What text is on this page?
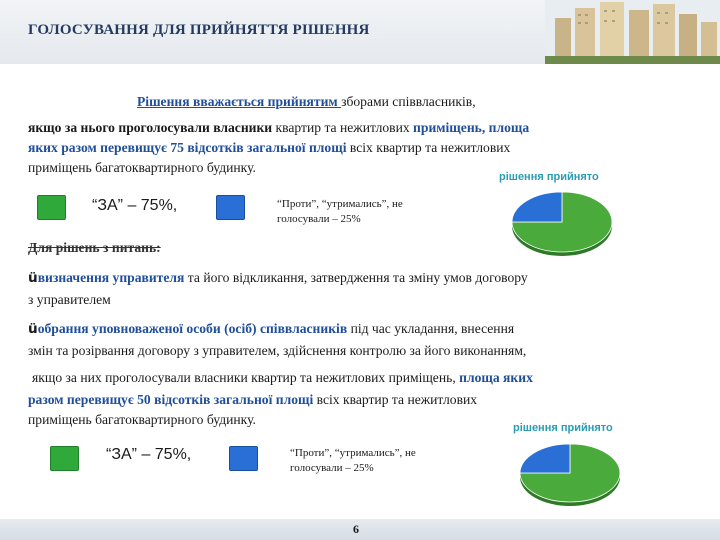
ГОЛОСУВАННЯ ДЛЯ ПРИЙНЯТТЯ РІШЕННЯ
Рішення вважається прийнятим зборами співвласників,
якщо за нього проголосували власники квартир та нежитлових приміщень, площа
яких разом перевищує 75 відсотків загальної площі всіх квартир та нежитлових
приміщень багатоквартирного будинку.
“ЗА” – 75%,	“Проти”, “утримались”, не
голосували – 25%
рішення прийнято
Для рішень з питань:
üвизначення управителя та його відкликання, затвердження та зміну умов договору
з управителем
üобрання уповноваженої особи (осіб) співвласників під час укладання, внесення
змін та розірвання договору з управителем, здійснення контролю за його виконанням,
якщо за них проголосували власники квартир та нежитлових приміщень, площа яких
разом перевищує 50 відсотків загальної площі всіх квартир та нежитлових
приміщень багатоквартирного будинку.
“ЗА” – 75%,	“Проти”, “утримались”, не
голосували – 25%
рішення прийнято
6
